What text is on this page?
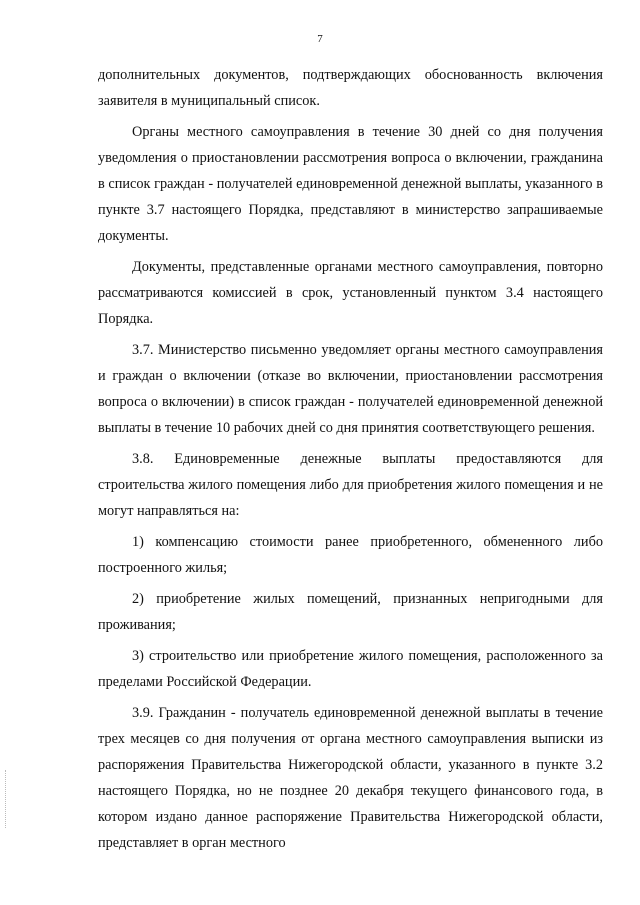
7

дополнительных документов, подтверждающих обоснованность включения заявителя в муниципальный список.

Органы местного самоуправления в течение 30 дней со дня получения уведомления о приостановлении рассмотрения вопроса о включении, гражданина в список граждан - получателей единовременной денежной выплаты, указанного в пункте 3.7 настоящего Порядка, представляют в министерство запрашиваемые документы.

Документы, представленные органами местного самоуправления, повторно рассматриваются комиссией в срок, установленный пунктом 3.4 настоящего Порядка.

3.7. Министерство письменно уведомляет органы местного самоуправления и граждан о включении (отказе во включении, приостановлении рассмотрения вопроса о включении) в список граждан - получателей единовременной денежной выплаты в течение 10 рабочих дней со дня принятия соответствующего решения.

3.8. Единовременные денежные выплаты предоставляются для строительства жилого помещения либо для приобретения жилого помещения и не могут направляться на:

1) компенсацию стоимости ранее приобретенного, обмененного либо построенного жилья;

2) приобретение жилых помещений, признанных непригодными для проживания;

3) строительство или приобретение жилого помещения, расположенного за пределами Российской Федерации.

3.9. Гражданин - получатель единовременной денежной выплаты в течение трех месяцев со дня получения от органа местного самоуправления выписки из распоряжения Правительства Нижегородской области, указанного в пункте 3.2 настоящего Порядка, но не позднее 20 декабря текущего финансового года, в котором издано данное распоряжение Правительства Нижегородской области, представляет в орган местного
